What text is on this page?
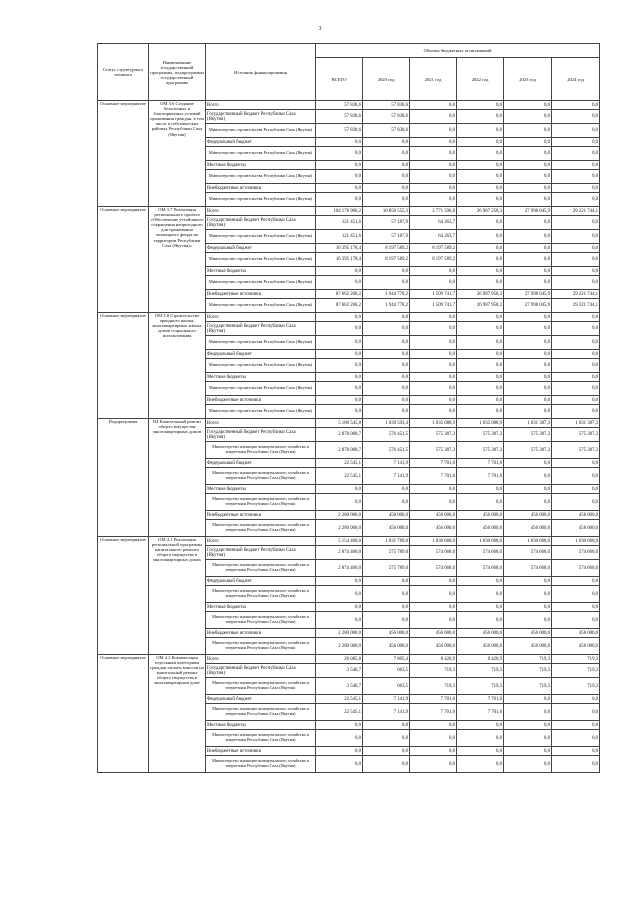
3
Статус структурного элемента	Наименование государственной программы, подпрограммы государственной программы	Источник финансирования	Объемы бюджетных ассигнований					
			ВСЕГО	2020 год	2021 год	2022 год	2023 год	2024 год
Основное мероприятие	ОМ 3.6 Создание безопасных и благоприятных условий проживания граждан, в том числе в сейсмических районах Республики Саха (Якутия)	Всего	57 838,6	57 838,6	0,0	0,0	0,0	0,0
		Государственный бюджет Республики Саха (Якутия)	57 838,6	57 838,6	0,0	0,0	0,0	0,0
		Министерство строительства Республики Саха (Якутия)	57 838,6	57 838,6	0,0	0,0	0,0	0,0
		Федеральный бюджет	0,0	0,0	0,0	0,0	0,0	0,0
		Министерство строительства Республики Саха (Якутия)	0,0	0,0	0,0	0,0	0,0	0,0
		Местные бюджеты	0,0	0,0	0,0	0,0	0,0	0,0
		Министерство строительства Республики Саха (Якутия)	0,0	0,0	0,0	0,0	0,0	0,0
		Внебюджетные источники	0,0	0,0	0,0	0,0	0,0	0,0
		Министерство строительства Республики Саха (Якутия)	0,0	0,0	0,0	0,0	0,0	0,0
Основное мероприятие	ОМ 3.7 Реализация регионального проекта «Обеспечение устойчивого сокращения непригодного для проживания жилищного фонда на территории Республики Саха (Якутия)»	Всего	104 178 900,2	10 850 555,3	2 771 596,8	26 987 258,3	27 998 045,9	29 221 744,1
		Государственный бюджет Республики Саха (Якутия)	121 451,6	57 187,9	64 263,7	0,0	0,0	0,0
		Министерство строительства Республики Саха (Якутия)	121 451,6	57 187,9	64 263,7	0,0	0,0	0,0
		Федеральный бюджет	16 395 178,4	8 197 589,2	8 197 589,2	0,0	0,0	0,0
		Министерство строительства Республики Саха (Якутия)	16 395 178,4	8 197 589,2	8 197 589,2	0,0	0,0	0,0
		Местные бюджеты	0,0	0,0	0,0	0,0	0,0	0,0
		Министерство строительства Республики Саха (Якутия)	0,0	0,0	0,0	0,0	0,0	0,0
		Внебюджетные источники	87 662 268,2	1 944 778,2	1 509 741,7	26 987 958,3	27 998 045,9	29 221 744,1
		Министерство строительства Республики Саха (Якутия)	87 662 268,2	1 944 778,2	1 509 741,7	26 987 958,3	27 998 045,9	29 221 744,1
Основное мероприятие	ОМ 3.8 Строительство арендного жилья, многоквартирных жилых домов социального использования	Всего	0,0	0,0	0,0	0,0	0,0	0,0
		Государственный бюджет Республики Саха (Якутия)	0,0	0,0	0,0	0,0	0,0	0,0
		Министерство строительства Республики Саха (Якутия)	0,0	0,0	0,0	0,0	0,0	0,0
		Федеральный бюджет	0,0	0,0	0,0	0,0	0,0	0,0
		Министерство строительства Республики Саха (Якутия)	0,0	0,0	0,0	0,0	0,0	0,0
		Местные бюджеты	0,0	0,0	0,0	0,0	0,0	0,0
		Министерство строительства Республики Саха (Якутия)	0,0	0,0	0,0	0,0	0,0	0,0
		Внебюджетные источники	0,0	0,0	0,0	0,0	0,0	0,0
		Министерство строительства Республики Саха (Якутия)	0,0	0,0	0,0	0,0	0,0	0,0
Подпрограмма	П4 Капитальный ремонт общего имущества многоквартирных домов	Всего	5 180 545,8	1 039 593,4	1 035 088,9	1 035 088,9	1 031 387,3	1 031 387,3
		Государственный бюджет Республики Саха (Якутия)	2 878 000,7	576 451,5	575 387,3	575 387,3	575 387,3	575 387,3
		Министерство жилищно-коммунального хозяйства и энергетики Республики Саха (Якутия)	2 878 000,7	576 451,5	575 387,3	575 387,3	575 387,3	575 387,3
		Федеральный бюджет	22 545,1	7 141,9	7 701,6	7 701,6	0,0	0,0
		Министерство жилищно-коммунального хозяйства и энергетики Республики Саха (Якутия)	22 545,1	7 141,9	7 701,6	7 701,6	0,0	0,0
		Местные бюджеты	0,0	0,0	0,0	0,0	0,0	0,0
		Министерство жилищно-коммунального хозяйства и энергетики Республики Саха (Якутия)	0,0	0,0	0,0	0,0	0,0	0,0
		Внебюджетные источники	2 280 000,0	456 000,0	456 000,0	456 000,0	456 000,0	456 000,0
		Министерство жилищно-коммунального хозяйства и энергетики Республики Саха (Якутия)	2 280 000,0	456 000,0	456 000,0	456 000,0	456 000,0	456 000,0
Основное мероприятие	ОМ 4.1 Реализация региональной программы капитального ремонта общего имущества в многоквартирных домах	Всего	5 154 460,0	1 031 789,0	1 030 668,0	1 030 668,0	1 030 668,0	1 030 668,0
		Государственный бюджет Республики Саха (Якутия)	2 874 460,0	575 789,0	574 668,0	574 668,0	574 668,0	574 668,0
		Министерство жилищно-коммунального хозяйства и энергетики Республики Саха (Якутия)	2 874 460,0	575 789,0	574 668,0	574 668,0	574 668,0	574 668,0
		Федеральный бюджет	0,0	0,0	0,0	0,0	0,0	0,0
		Министерство жилищно-коммунального хозяйства и энергетики Республики Саха (Якутия)	0,0	0,0	0,0	0,0	0,0	0,0
		Местные бюджеты	0,0	0,0	0,0	0,0	0,0	0,0
		Министерство жилищно-коммунального хозяйства и энергетики Республики Саха (Якутия)	0,0	0,0	0,0	0,0	0,0	0,0
		Внебюджетные источники	2 280 000,0	456 000,0	456 000,0	456 000,0	456 000,0	456 000,0
		Министерство жилищно-коммунального хозяйства и энергетики Республики Саха (Якутия)	2 280 000,0	456 000,0	456 000,0	456 000,0	456 000,0	456 000,0
Основное мероприятие	ОМ 4.2 Компенсация отдельным категориям граждан оплаты взносов на капитальный ремонт общего имущества в многоквартирном доме	Всего	26 085,8	7 805,4	8 420,9	8 420,9	719,3	719,3
		Государственный бюджет Республики Саха (Якутия)	3 540,7	663,5	719,3	719,3	719,3	719,3
		Министерство жилищно-коммунального хозяйства и энергетики Республики Саха (Якутия)	3 540,7	663,5	719,3	719,3	719,3	719,3
		Федеральный бюджет	22 545,1	7 141,9	7 701,6	7 701,6	0,0	0,0
		Министерство жилищно-коммунального хозяйства и энергетики Республики Саха (Якутия)	22 545,1	7 141,9	7 701,6	7 701,6	0,0	0,0
		Местные бюджеты	0,0	0,0	0,0	0,0	0,0	0,0
		Министерство жилищно-коммунального хозяйства и энергетики Республики Саха (Якутия)	0,0	0,0	0,0	0,0	0,0	0,0
		Внебюджетные источники	0,0	0,0	0,0	0,0	0,0	0,0
		Министерство жилищно-коммунального хозяйства и энергетики Республики Саха (Якутия)	0,0	0,0	0,0	0,0	0,0	0,0
